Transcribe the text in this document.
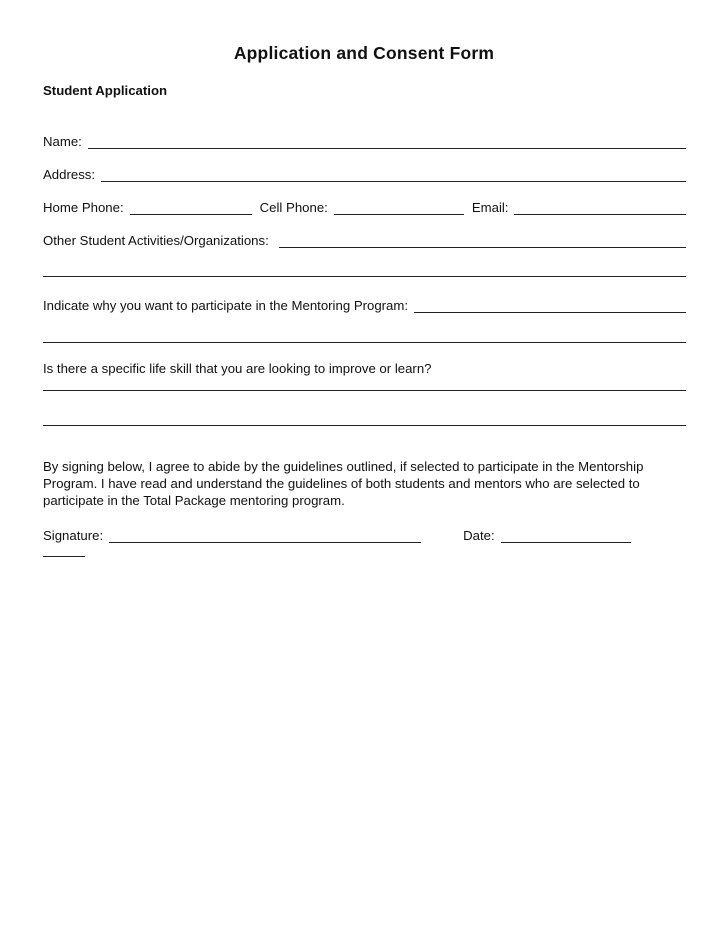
Application and Consent Form
Student Application
Name:
Address:
Home Phone:	Cell Phone:	Email:
Other Student Activities/Organizations:
Indicate why you want to participate in the Mentoring Program:
Is there a specific life skill that you are looking to improve or learn?
By signing below, I agree to abide by the guidelines outlined, if selected to participate in the Mentorship Program. I have read and understand the guidelines of both students and mentors who are selected to participate in the Total Package mentoring program.
Signature:	Date:
